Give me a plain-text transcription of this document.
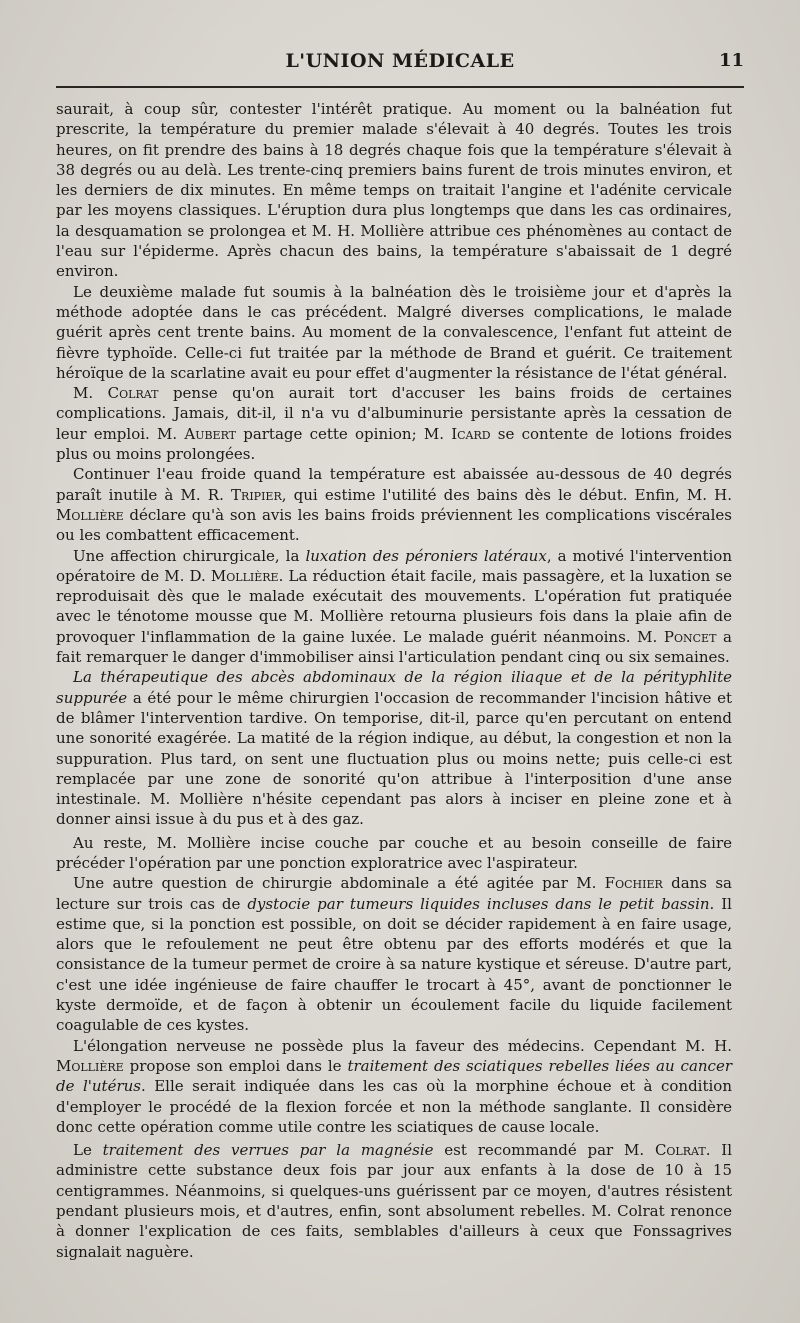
L'UNION MÉDICALE	11

saurait, à coup sûr, contester l'intérêt pratique. Au moment ou la balnéation fut prescrite, la température du premier malade s'élevait à 40 degrés. Toutes les trois heures, on fit prendre des bains à 18 degrés chaque fois que la température s'élevait à 38 degrés ou au delà. Les trente-cinq premiers bains furent de trois minutes environ, et les derniers de dix minutes. En même temps on traitait l'angine et l'adénite cervicale par les moyens classiques. L'éruption dura plus longtemps que dans les cas ordinaires, la desquamation se prolongea et M. H. Mollière attribue ces phénomènes au contact de l'eau sur l'épiderme. Après chacun des bains, la température s'abaissait de 1 degré environ.

Le deuxième malade fut soumis à la balnéation dès le troisième jour et d'après la méthode adoptée dans le cas précédent. Malgré diverses complications, le malade guérit après cent trente bains. Au moment de la convalescence, l'enfant fut atteint de fièvre typhoïde. Celle-ci fut traitée par la méthode de Brand et guérit. Ce traitement héroïque de la scarlatine avait eu pour effet d'augmenter la résistance de l'état général.

M. Colrat pense qu'on aurait tort d'accuser les bains froids de certaines complications. Jamais, dit-il, il n'a vu d'albuminurie persistante après la cessation de leur emploi. M. Aubert partage cette opinion; M. Icard se contente de lotions froides plus ou moins prolongées.

Continuer l'eau froide quand la température est abaissée au-dessous de 40 degrés paraît inutile à M. R. Tripier, qui estime l'utilité des bains dès le début. Enfin, M. H. Mollière déclare qu'à son avis les bains froids préviennent les complications viscérales ou les combattent efficacement.

Une affection chirurgicale, la luxation des péroniers latéraux, a motivé l'intervention opératoire de M. D. Mollière. La réduction était facile, mais passagère, et la luxation se reproduisait dès que le malade exécutait des mouvements. L'opération fut pratiquée avec le ténotome mousse que M. Mollière retourna plusieurs fois dans la plaie afin de provoquer l'inflammation de la gaine luxée. Le malade guérit néanmoins. M. Poncet a fait remarquer le danger d'immobiliser ainsi l'articulation pendant cinq ou six semaines.

La thérapeutique des abcès abdominaux de la région iliaque et de la pérityphlite suppurée a été pour le même chirurgien l'occasion de recommander l'incision hâtive et de blâmer l'intervention tardive. On temporise, dit-il, parce qu'en percutant on entend une sonorité exagérée. La matité de la région indique, au début, la congestion et non la suppuration. Plus tard, on sent une fluctuation plus ou moins nette; puis celle-ci est remplacée par une zone de sonorité qu'on attribue à l'interposition d'une anse intestinale. M. Mollière n'hésite cependant pas alors à inciser en pleine zone et à donner ainsi issue à du pus et à des gaz.

Au reste, M. Mollière incise couche par couche et au besoin conseille de faire précéder l'opération par une ponction exploratrice avec l'aspirateur.

Une autre question de chirurgie abdominale a été agitée par M. Fochier dans sa lecture sur trois cas de dystocie par tumeurs liquides incluses dans le petit bassin. Il estime que, si la ponction est possible, on doit se décider rapidement à en faire usage, alors que le refoulement ne peut être obtenu par des efforts modérés et que la consistance de la tumeur permet de croire à sa nature kystique et séreuse. D'autre part, c'est une idée ingénieuse de faire chauffer le trocart à 45°, avant de ponctionner le kyste dermoïde, et de façon à obtenir un écoulement facile du liquide facilement coagulable de ces kystes.

L'élongation nerveuse ne possède plus la faveur des médecins. Cependant M. H. Mollière propose son emploi dans le traitement des sciatiques rebelles liées au cancer de l'utérus. Elle serait indiquée dans les cas où la morphine échoue et à condition d'employer le procédé de la flexion forcée et non la méthode sanglante. Il considère donc cette opération comme utile contre les sciatiques de cause locale.

Le traitement des verrues par la magnésie est recommandé par M. Colrat. Il administre cette substance deux fois par jour aux enfants à la dose de 10 à 15 centigrammes. Néanmoins, si quelques-uns guérissent par ce moyen, d'autres résistent pendant plusieurs mois, et d'autres, enfin, sont absolument rebelles. M. Colrat renonce à donner l'explication de ces faits, semblables d'ailleurs à ceux que Fonssagrives signalait naguère.
